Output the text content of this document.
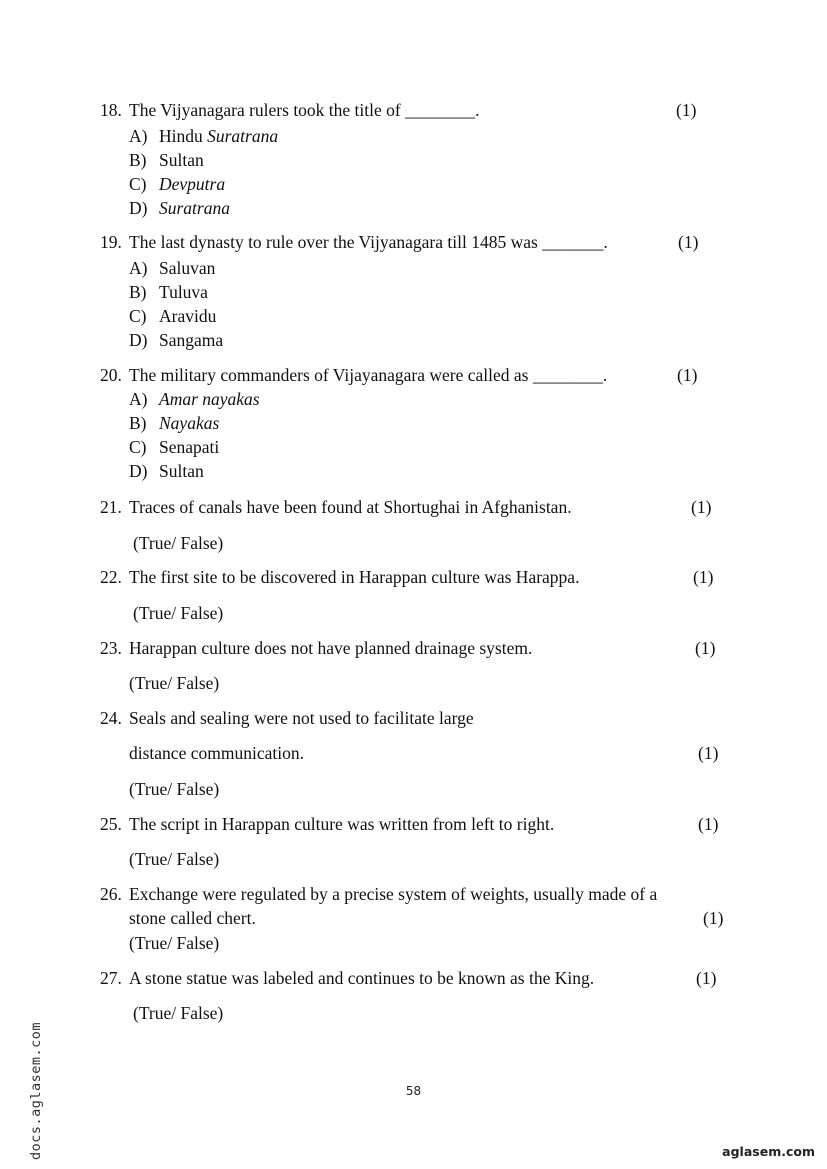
18. The Vijyanagara rulers took the title of ________.	(1)
A) Hindu Suratrana
B) Sultan
C) Devputra
D) Suratrana
19. The last dynasty to rule over the Vijyanagara till 1485 was _______.	(1)
A) Saluvan
B) Tuluva
C) Aravidu
D) Sangama
20. The military commanders of Vijayanagara were called as ________.	(1)
A) Amar nayakas
B) Nayakas
C) Senapati
D) Sultan
21. Traces of canals have been found at Shortughai in Afghanistan.	(1)
(True/ False)
22. The first site to be discovered in Harappan culture was Harappa.	(1)
(True/ False)
23. Harappan culture does not have planned drainage system.	(1)
(True/ False)
24. Seals and sealing were not used to facilitate large
distance communication.	(1)
(True/ False)
25. The script in Harappan culture was written from left to right.	(1)
(True/ False)
26. Exchange were regulated by a precise system of weights, usually made of a
stone called chert.	(1)
(True/ False)
27. A stone statue was labeled and continues to be known as the King.	(1)
(True/ False)
58
docs.aglasem.com	aglasem.com
